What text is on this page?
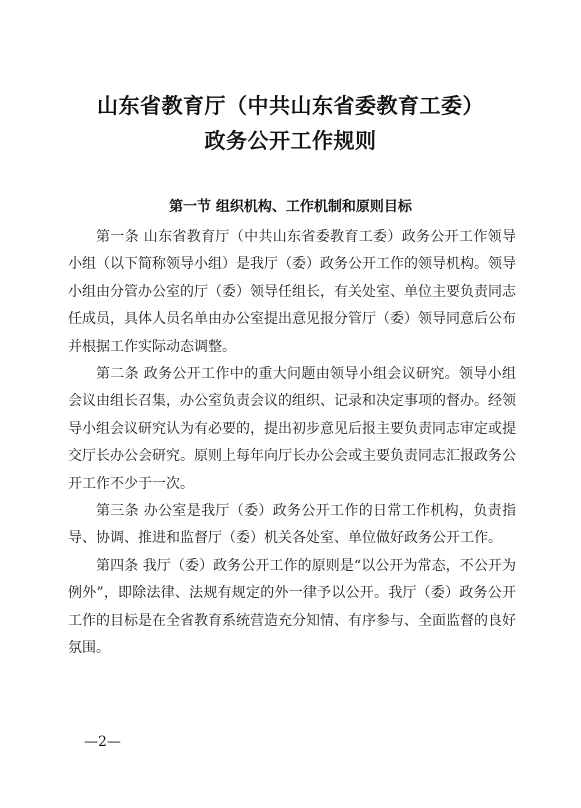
山东省教育厅（中共山东省委教育工委）
政务公开工作规则
第一节 组织机构、工作机制和原则目标

第一条 山东省教育厅（中共山东省委教育工委）政务公开工作领导小组（以下简称领导小组）是我厅（委）政务公开工作的领导机构。领导小组由分管办公室的厅（委）领导任组长，有关处室、单位主要负责同志任成员，具体人员名单由办公室提出意见报分管厅（委）领导同意后公布并根据工作实际动态调整。

第二条 政务公开工作中的重大问题由领导小组会议研究。领导小组会议由组长召集，办公室负责会议的组织、记录和决定事项的督办。经领导小组会议研究认为有必要的，提出初步意见后报主要负责同志审定或提交厅长办公会研究。原则上每年向厅长办公会或主要负责同志汇报政务公开工作不少于一次。

第三条 办公室是我厅（委）政务公开工作的日常工作机构，负责指导、协调、推进和监督厅（委）机关各处室、单位做好政务公开工作。

第四条 我厅（委）政务公开工作的原则是“以公开为常态，不公开为例外”，即除法律、法规有规定的外一律予以公开。我厅（委）政务公开工作的目标是在全省教育系统营造充分知情、有序参与、全面监督的良好氛围。

—2—
